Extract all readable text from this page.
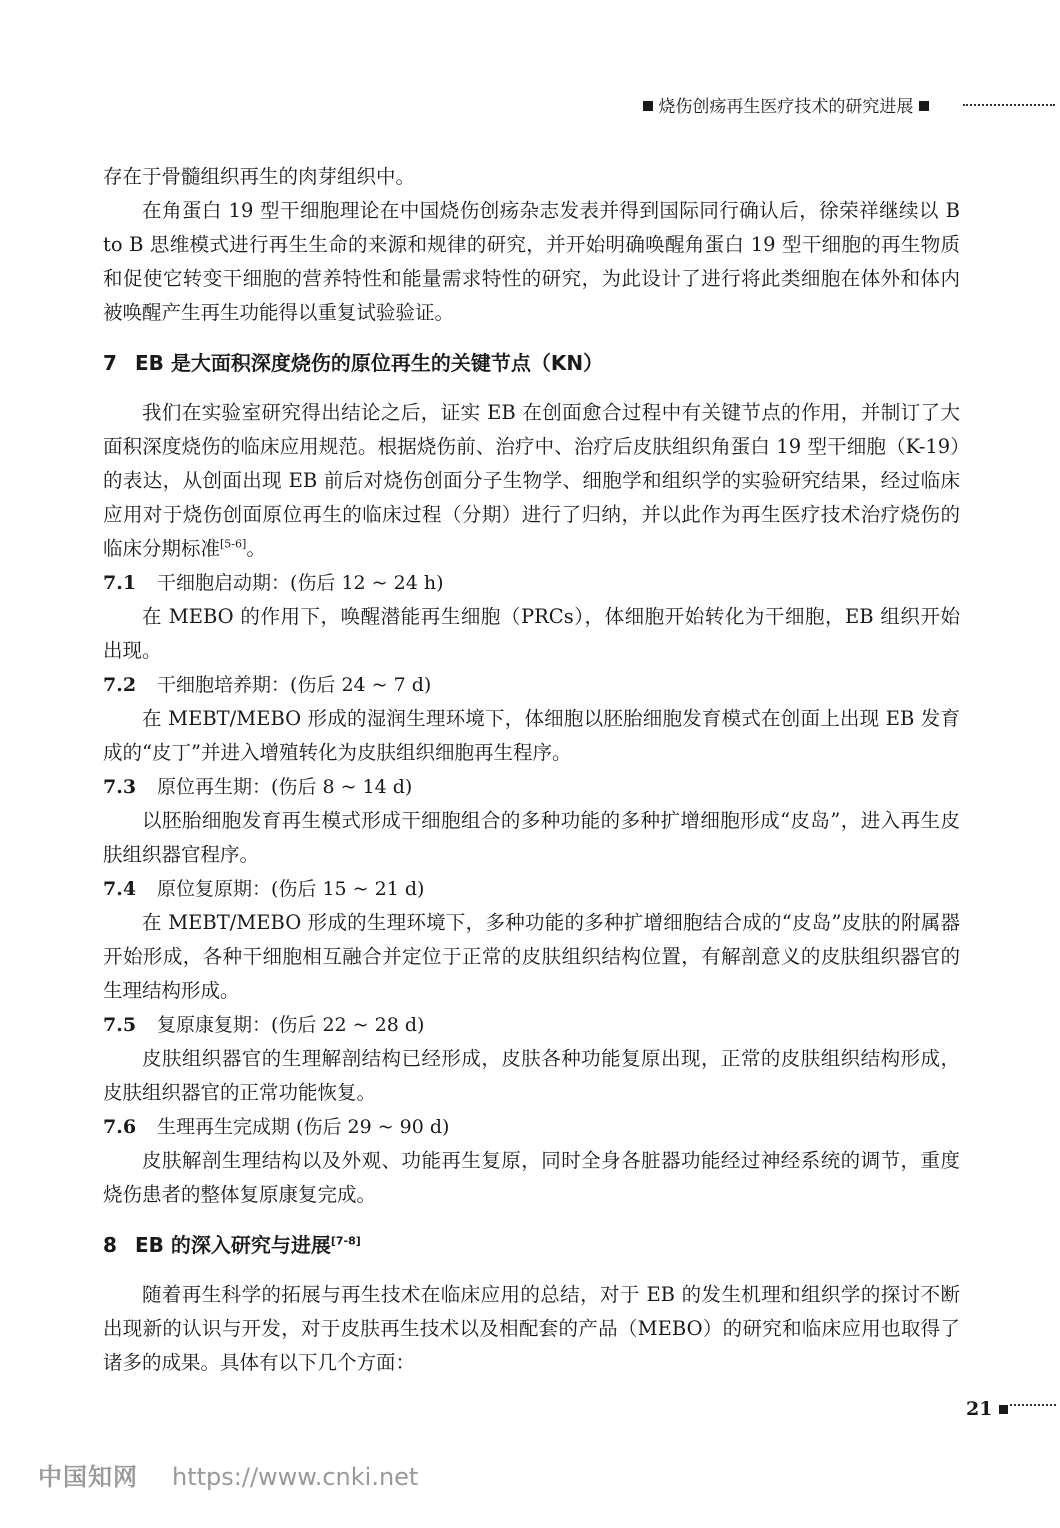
烧伤创疡再生医疗技术的研究进展

存在于骨髓组织再生的肉芽组织中。

在角蛋白 19 型干细胞理论在中国烧伤创疡杂志发表并得到国际同行确认后，徐荣祥继续以 B to B 思维模式进行再生生命的来源和规律的研究，并开始明确唤醒角蛋白 19 型干细胞的再生物质和促使它转变干细胞的营养特性和能量需求特性的研究，为此设计了进行将此类细胞在体外和体内被唤醒产生再生功能得以重复试验验证。

7 EB 是大面积深度烧伤的原位再生的关键节点（KN）

我们在实验室研究得出结论之后，证实 EB 在创面愈合过程中有关键节点的作用，并制订了大面积深度烧伤的临床应用规范。根据烧伤前、治疗中、治疗后皮肤组织角蛋白 19 型干细胞（K-19）的表达，从创面出现 EB 前后对烧伤创面分子生物学、细胞学和组织学的实验研究结果，经过临床应用对于烧伤创面原位再生的临床过程（分期）进行了归纳，并以此作为再生医疗技术治疗烧伤的临床分期标准[5-6]。

7.1 干细胞启动期：(伤后 12 ~ 24 h)

在 MEBO 的作用下，唤醒潜能再生细胞（PRCs），体细胞开始转化为干细胞，EB 组织开始出现。

7.2 干细胞培养期：(伤后 24 ~ 7 d)

在 MEBT/MEBO 形成的湿润生理环境下，体细胞以胚胎细胞发育模式在创面上出现 EB 发育成的“皮丁”并进入增殖转化为皮肤组织细胞再生程序。

7.3 原位再生期：(伤后 8 ~ 14 d)

以胚胎细胞发育再生模式形成干细胞组合的多种功能的多种扩增细胞形成“皮岛”，进入再生皮肤组织器官程序。

7.4 原位复原期：(伤后 15 ~ 21 d)

在 MEBT/MEBO 形成的生理环境下，多种功能的多种扩增细胞结合成的“皮岛”皮肤的附属器开始形成，各种干细胞相互融合并定位于正常的皮肤组织结构位置，有解剖意义的皮肤组织器官的生理结构形成。

7.5 复原康复期：(伤后 22 ~ 28 d)

皮肤组织器官的生理解剖结构已经形成，皮肤各种功能复原出现，正常的皮肤组织结构形成，皮肤组织器官的正常功能恢复。

7.6 生理再生完成期 (伤后 29 ~ 90 d)

皮肤解剖生理结构以及外观、功能再生复原，同时全身各脏器功能经过神经系统的调节，重度烧伤患者的整体复原康复完成。

8 EB 的深入研究与进展[7-8]

随着再生科学的拓展与再生技术在临床应用的总结，对于 EB 的发生机理和组织学的探讨不断出现新的认识与开发，对于皮肤再生技术以及相配套的产品（MEBO）的研究和临床应用也取得了诸多的成果。具体有以下几个方面：

21
中国知网 https://www.cnki.net
